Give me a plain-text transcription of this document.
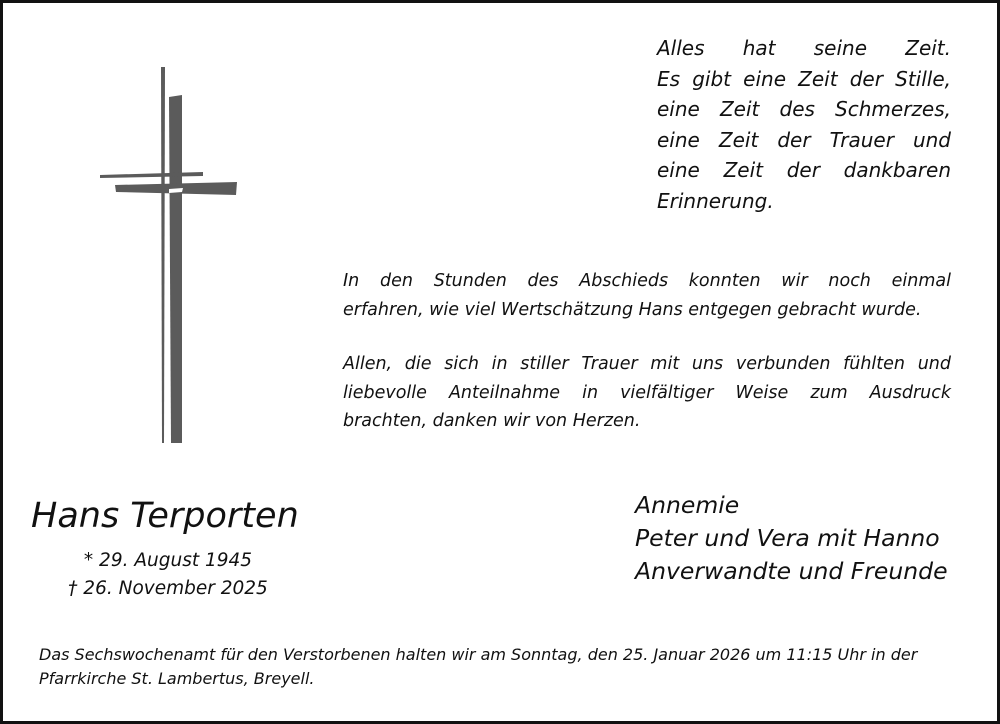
Alles hat seine Zeit.
Es gibt eine Zeit der Stille,
eine Zeit des Schmerzes,
eine Zeit der Trauer und
eine Zeit der dankbaren
Erinnerung.
In den Stunden des Abschieds konnten wir noch einmal
erfahren, wie viel Wertschätzung Hans entgegen gebracht wurde.
Allen, die sich in stiller Trauer mit uns verbunden fühlten und
liebevolle Anteilnahme in vielfältiger Weise zum Ausdruck
brachten, danken wir von Herzen.
Hans Terporten
* 29. August 1945
† 26. November 2025
Annemie
Peter und Vera mit Hanno
Anverwandte und Freunde
Das Sechswochenamt für den Verstorbenen halten wir am Sonntag, den 25. Januar 2026 um 11:15 Uhr in der
Pfarrkirche St. Lambertus, Breyell.
